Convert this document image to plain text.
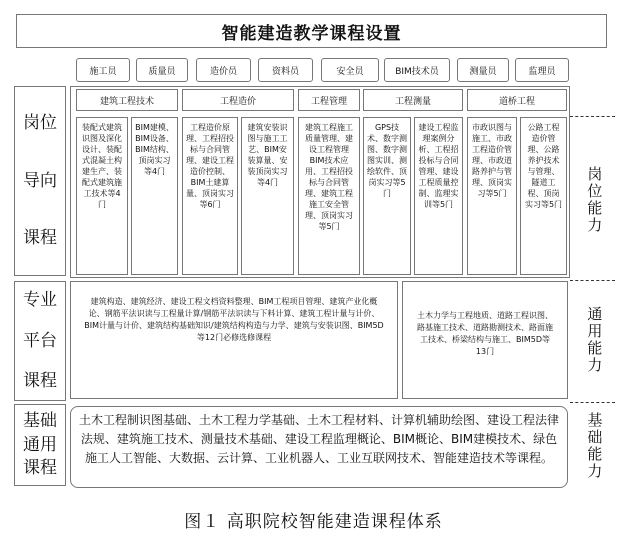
智能建造教学课程设置
施工员	质量员	造价员	资料员	安全员	BIM技术员	测量员	监理员
岗位
导向
课程
建筑工程技术	工程造价	工程管理	工程测量	道桥工程
装配式建筑识图及深化设计、装配式混凝土构建生产、装配式建筑施工技术等4门
BIM建模、BIM设备、BIM结构、顶岗实习等4门
工程造价原理、工程招投标与合同管理、建设工程造价控制、BIM土建算量、顶岗实习等6门
建筑安装识图与施工工艺、BIM安装算量、安装顶岗实习等4门
建筑工程施工质量管理、建设工程管理BIM技术应用、工程招投标与合同管理、建筑工程施工安全管理、顶岗实习等5门
GPS技术、数字测图、数字测图实训、测绘软件、顶岗实习等5门
建设工程监理案例分析、工程招投标与合同管理、建设工程质量控制、监理实训等5门
市政识图与施工、市政工程造价管理、市政道路养护与管理、顶岗实习等5门
公路工程造价管理、公路养护技术与管理、隧道工程、顶岗实习等5门	岗位能力
专业
平台
课程
建筑构造、建筑经济、建设工程文档资料整理、BIM工程项目管理、建筑产业化概论、钢筋平法识读与工程量计算/钢筋平法识读与下料计算、建筑工程计量与计价、BIM计量与计价、建筑结构基础知识/建筑结构构造与力学、建筑与安装识图、BIM5D等12门必修选修课程
土木力学与工程地质、道路工程识图、路基施工技术、道路勘测技术、路面施工技术、桥梁结构与施工、BIM5D等13门	通用能力
基础
通用
课程
土木工程制识图基础、土木工程力学基础、土木工程材料、计算机辅助绘图、建设工程法律法规、建筑施工技术、测量技术基础、建设工程监理概论、BIM概论、BIM建模技术、绿色施工人工智能、大数据、云计算、工业机器人、工业互联网技术、智能建造技术等课程。	基础能力
图１ 高职院校智能建造课程体系
